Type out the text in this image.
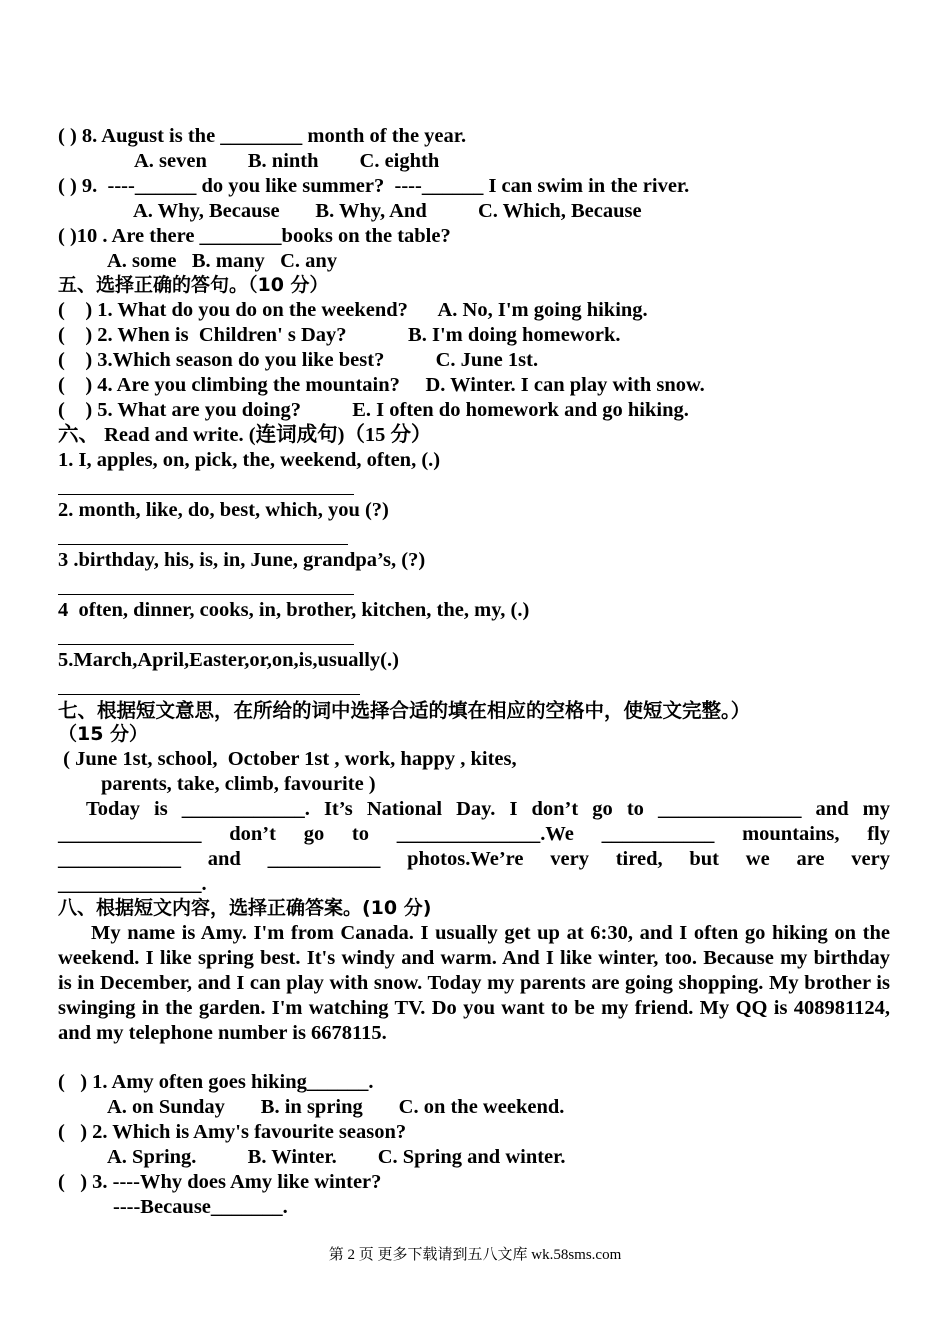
( ) 8. August is the ________ month of the year.
A. seven        B. ninth        C. eighth
( ) 9.  ----______ do you like summer?  ----______ I can swim in the river.
A. Why, Because       B. Why, And          C. Which, Because
( )10 . Are there ________books on the table?
A. some   B. many   C. any
五、选择正确的答句。（10 分）
(    ) 1. What do you do on the weekend?      A. No, I'm going hiking.
(    ) 2. When is  Children' s Day?            B. I'm doing homework.
(    ) 3.Which season do you like best?          C. June 1st.
(    ) 4. Are you climbing the mountain?     D. Winter. I can play with snow.
(    ) 5. What are you doing?          E. I often do homework and go hiking.
六、 Read and write. (连词成句)（15 分）
1. I, apples, on, pick, the, weekend, often, (.)
2. month, like, do, best, which, you (?)
3 .birthday, his, is, in, June, grandpa’s, (?)
4  often, dinner, cooks, in, brother, kitchen, the, my, (.)
5.March,April,Easter,or,on,is,usually(.)
七、根据短文意思，在所给的词中选择合适的填在相应的空格中，使短文完整。）
（15 分）
( June 1st, school,  October 1st , work, happy , kites,
parents, take, climb, favourite )
Today is ____________. It’s National Day. I don’t go to ______________ and my
______________ don’t go to ______________.We ___________ mountains, fly
____________ and ___________ photos.We’re very tired, but we are very
______________.
八、根据短文内容，选择正确答案。(10 分)
My name is Amy. I'm from Canada. I usually get up at 6:30, and I often go hiking on the weekend. I like spring best. It's windy and warm. And I like winter, too. Because my birthday is in December, and I can play with snow. Today my parents are going shopping. My brother is swinging in the garden. I'm watching TV. Do you want to be my friend. My QQ is 408981124, and my telephone number is 6678115.
(   ) 1. Amy often goes hiking______.
A. on Sunday       B. in spring       C. on the weekend.
(   ) 2. Which is Amy's favourite season?
A. Spring.          B. Winter.        C. Spring and winter.
(   ) 3. ----Why does Amy like winter?
----Because_______.
第 2 页 更多下载请到五八文库 wk.58sms.com
